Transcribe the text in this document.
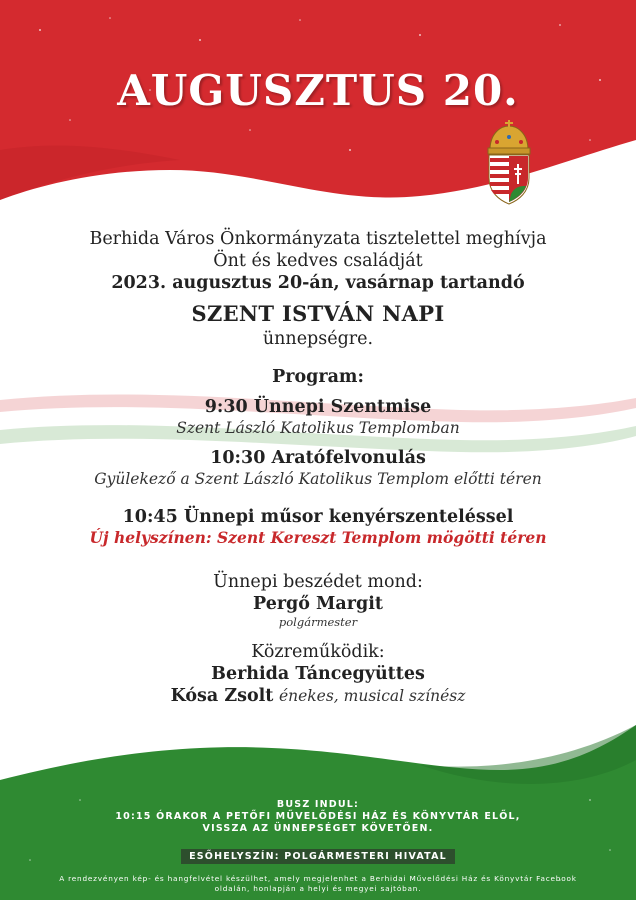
AUGUSZTUS 20.
Berhida Város Önkormányzata tisztelettel meghívja
Önt és kedves családját
2023. augusztus 20-án, vasárnap tartandó
SZENT ISTVÁN NAPI
ünnepségre.
Program:
9:30 Ünnepi Szentmise
Szent László Katolikus Templomban
10:30 Aratófelvonulás
Gyülekező a Szent László Katolikus Templom előtti téren
10:45 Ünnepi műsor kenyérszenteléssel
Új helyszínen: Szent Kereszt Templom mögötti téren
Ünnepi beszédet mond:
Pergő Margit
polgármester
Közreműködik:
Berhida Táncegyüttes
Kósa Zsolt énekes, musical színész
BUSZ INDUL:
10:15 ÓRAKOR A PETŐFI MŰVELŐDÉSI HÁZ ÉS KÖNYVTÁR ELŐL,
VISSZA AZ ÜNNEPSÉGET KÖVETŐEN.
ESŐHELYSZÍN: POLGÁRMESTERI HIVATAL
A rendezvényen kép- és hangfelvétel készülhet, amely megjelenhet a Berhidai Művelődési Ház és Könyvtár Facebook oldalán, honlapján a helyi és megyei sajtóban.
